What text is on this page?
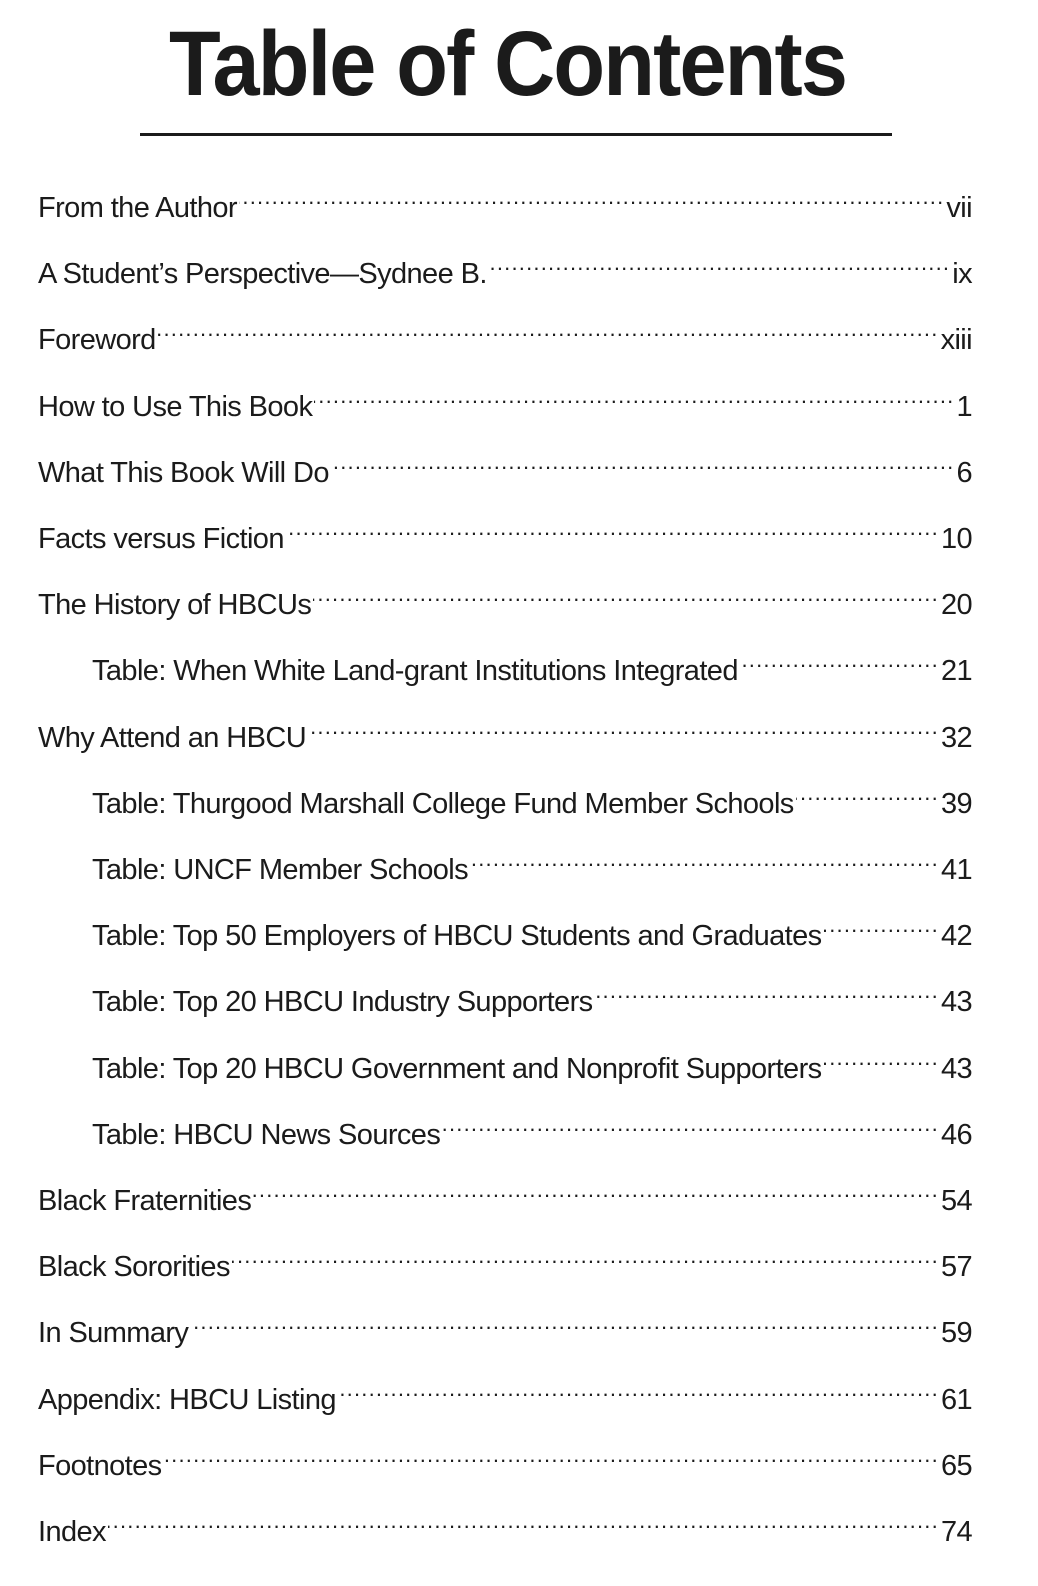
Table of Contents
From the Author .....	vii
A Student’s Perspective—Sydnee B. .....	ix
Foreword .....	xiii
How to Use This Book .....	1
What This Book Will Do .....	6
Facts versus Fiction .....	10
The History of HBCUs .....	20
Table: When White Land-grant Institutions Integrated .....	21
Why Attend an HBCU .....	32
Table: Thurgood Marshall College Fund Member Schools .....	39
Table: UNCF Member Schools .....	41
Table: Top 50 Employers of HBCU Students and Graduates .....	42
Table: Top 20 HBCU Industry Supporters .....	43
Table: Top 20 HBCU Government and Nonprofit Supporters .....	43
Table: HBCU News Sources .....	46
Black Fraternities .....	54
Black Sororities .....	57
In Summary .....	59
Appendix: HBCU Listing .....	61
Footnotes .....	65
Index .....	74
